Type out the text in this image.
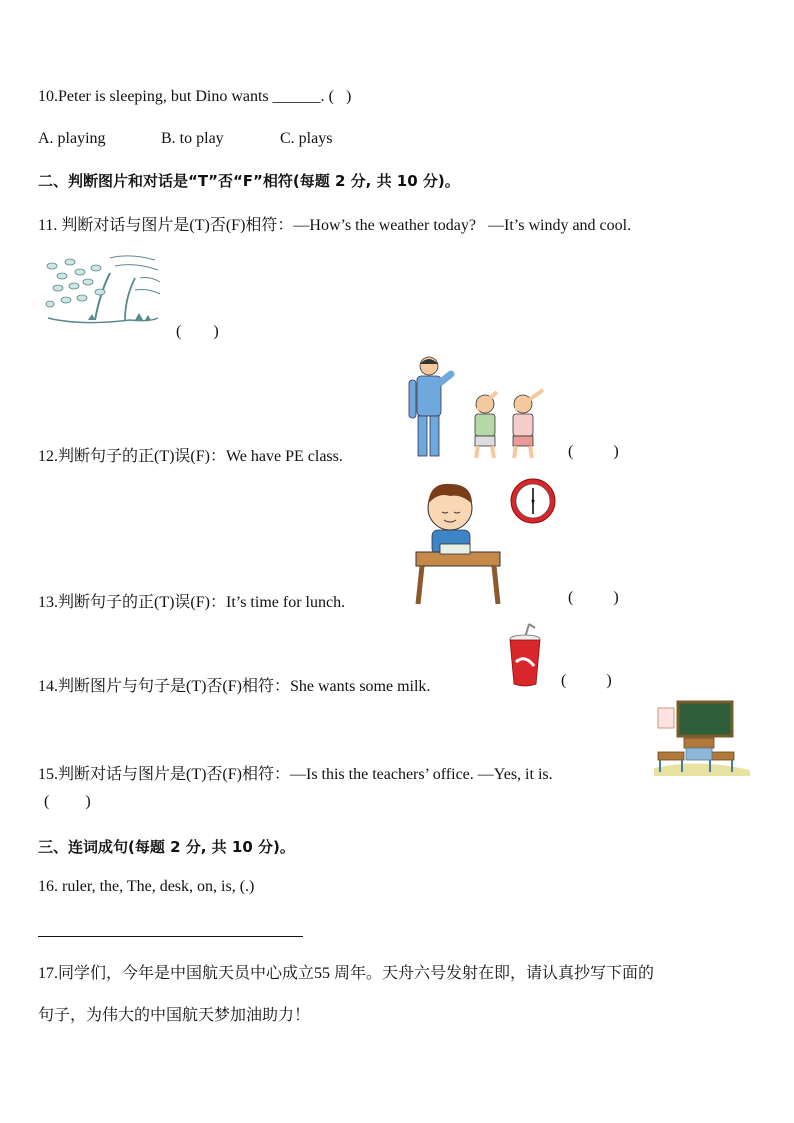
10.Peter is sleeping, but Dino wants ______. (   )
A. playing	B. to play	C. plays
二、判断图片和对话是“T”否“F”相符(每题 2 分, 共 10 分)。
11. 判断对话与图片是(T)否(F)相符：—How’s the weather today?   —It’s windy and cool.
(        )
12.判断句子的正(T)误(F)：We have PE class.	(          )
13.判断句子的正(T)误(F)：It’s time for lunch.	(          )
14.判断图片与句子是(T)否(F)相符：She wants some milk.	(          )
15.判断对话与图片是(T)否(F)相符：—Is this the teachers’ office. —Yes, it is.
(         )
三、连词成句(每题 2 分, 共 10 分)。
16. ruler, the, The, desk, on, is, (.)
17.同学们，今年是中国航天员中心成立55 周年。天舟六号发射在即，请认真抄写下面的
句子，为伟大的中国航天梦加油助力！
